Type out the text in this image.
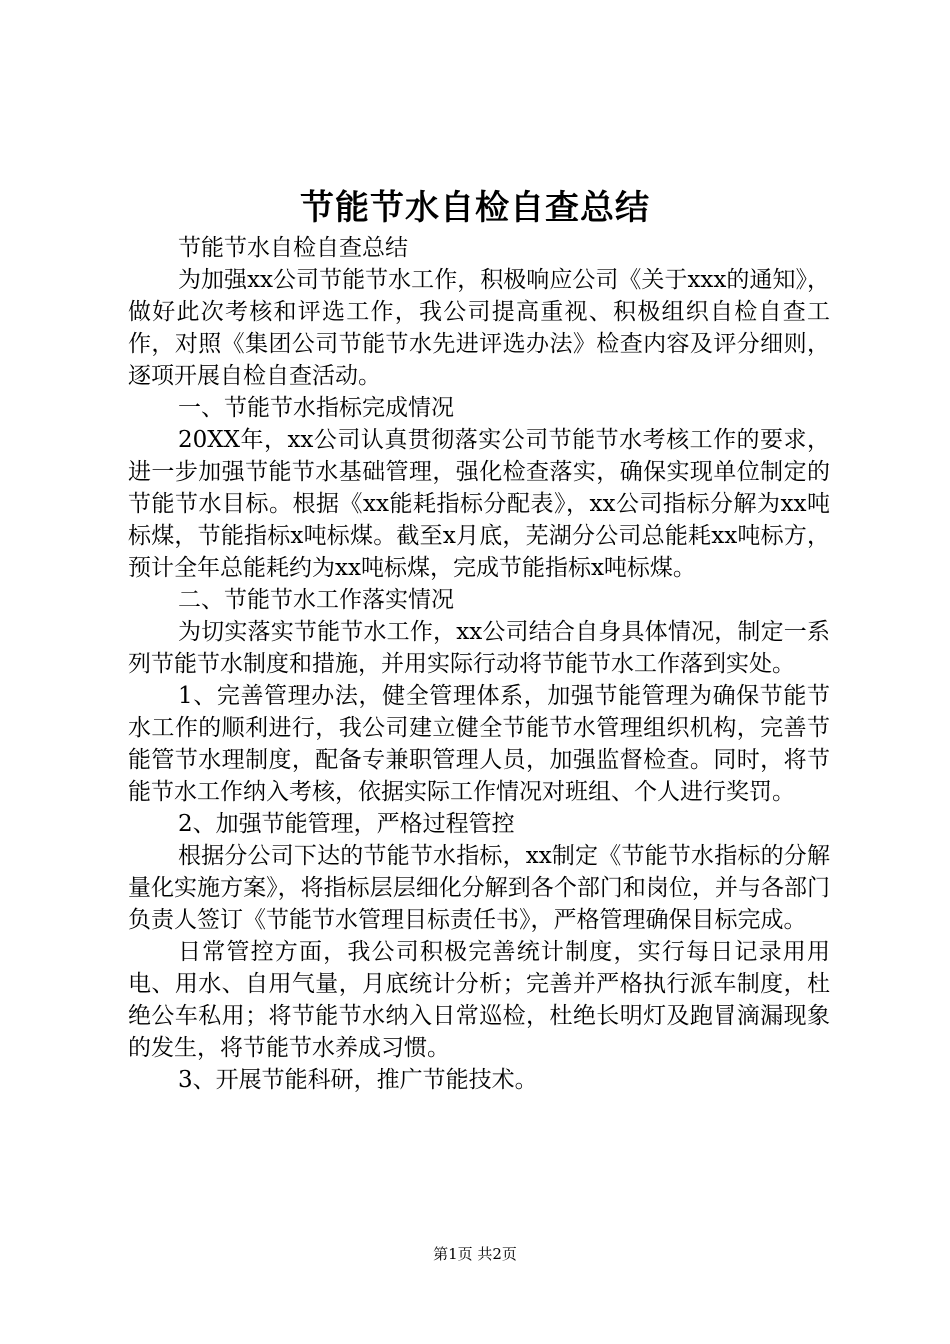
节能节水自检自查总结

节能节水自检自查总结

为加强xx公司节能节水工作，积极响应公司《关于xxx的通知》，做好此次考核和评选工作，我公司提高重视、积极组织自检自查工作，对照《集团公司节能节水先进评选办法》检查内容及评分细则，逐项开展自检自查活动。

一、节能节水指标完成情况

20XX年，xx公司认真贯彻落实公司节能节水考核工作的要求，进一步加强节能节水基础管理，强化检查落实，确保实现单位制定的节能节水目标。根据《xx能耗指标分配表》，xx公司指标分解为xx吨标煤，节能指标x吨标煤。截至x月底，芜湖分公司总能耗xx吨标方，预计全年总能耗约为xx吨标煤，完成节能指标x吨标煤。

二、节能节水工作落实情况

为切实落实节能节水工作，xx公司结合自身具体情况，制定一系列节能节水制度和措施，并用实际行动将节能节水工作落到实处。

1、完善管理办法，健全管理体系，加强节能管理为确保节能节水工作的顺利进行，我公司建立健全节能节水管理组织机构，完善节能管节水理制度，配备专兼职管理人员，加强监督检查。同时，将节能节水工作纳入考核，依据实际工作情况对班组、个人进行奖罚。

2、加强节能管理，严格过程管控

根据分公司下达的节能节水指标，xx制定《节能节水指标的分解量化实施方案》，将指标层层细化分解到各个部门和岗位，并与各部门负责人签订《节能节水管理目标责任书》，严格管理确保目标完成。

日常管控方面，我公司积极完善统计制度，实行每日记录用用电、用水、自用气量，月底统计分析；完善并严格执行派车制度，杜绝公车私用；将节能节水纳入日常巡检，杜绝长明灯及跑冒滴漏现象的发生，将节能节水养成习惯。

3、开展节能科研，推广节能技术。

第1页 共2页
